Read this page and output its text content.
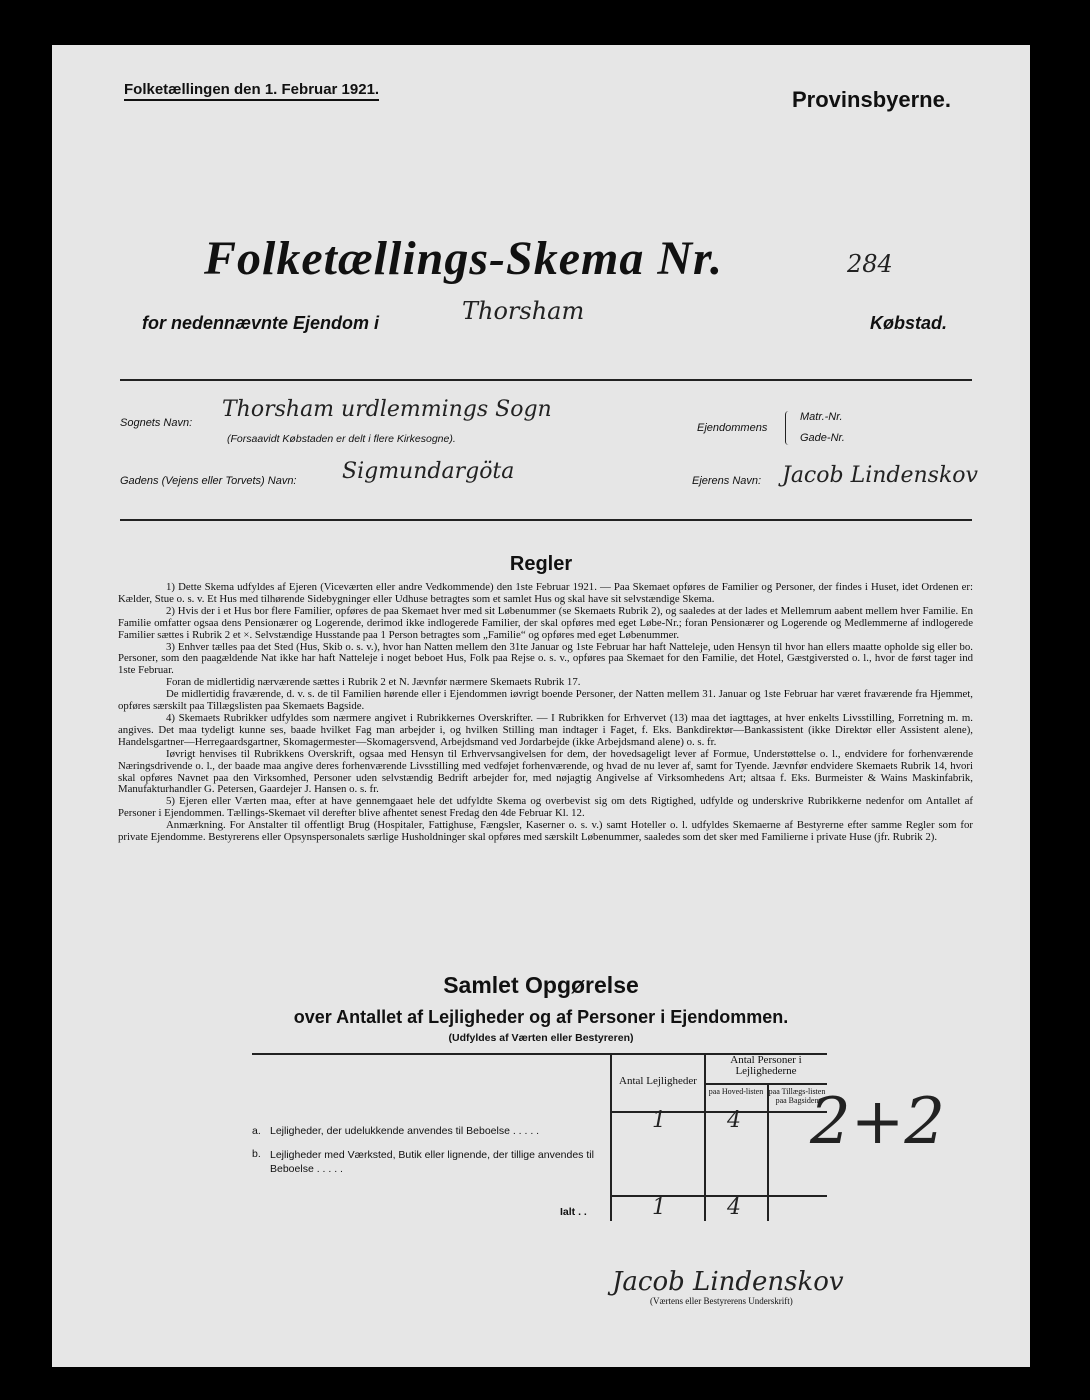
Folketællingen den 1. Februar 1921.	Provinsbyerne.
Folketællings-Skema Nr.	284
for nedennævnte Ejendom i	Thorsham	Købstad.
Sognets Navn:
Thorsham urdlemmings Sogn
(Forsaavidt Købstaden er delt i flere Kirkesogne).
Ejendommens
Matr.-Nr.
Gade-Nr.
Gadens (Vejens eller Torvets) Navn: Sigmundargöta	Ejerens Navn: Jacob Lindenskov
Regler

1) Dette Skema udfyldes af Ejeren (Viceværten eller andre Vedkommende) den 1ste Februar 1921. — Paa Skemaet opføres de Familier og Personer, der findes i Huset, idet Ordenen er: Kælder, Stue o. s. v. Et Hus med tilhørende Sidebygninger eller Udhuse betragtes som et samlet Hus og skal have sit selvstændige Skema.

2) Hvis der i et Hus bor flere Familier, opføres de paa Skemaet hver med sit Løbenummer (se Skemaets Rubrik 2), og saaledes at der lades et Mellemrum aabent mellem hver Familie. En Familie omfatter ogsaa dens Pensionærer og Logerende, derimod ikke indlogerede Familier, der skal opføres med eget Løbe-Nr.; foran Pensionærer og Logerende og Medlemmerne af indlogerede Familier sættes i Rubrik 2 et ×. Selvstændige Husstande paa 1 Person betragtes som „Familie“ og opføres med eget Løbenummer.

3) Enhver tælles paa det Sted (Hus, Skib o. s. v.), hvor han Natten mellem den 31te Januar og 1ste Februar har haft Natteleje, uden Hensyn til hvor han ellers maatte opholde sig eller bo. Personer, som den paagældende Nat ikke har haft Natteleje i noget beboet Hus, Folk paa Rejse o. s. v., opføres paa Skemaet for den Familie, det Hotel, Gæstgiversted o. l., hvor de først tager ind 1ste Februar.

Foran de midlertidig nærværende sættes i Rubrik 2 et N. Jævnfør nærmere Skemaets Rubrik 17.

De midlertidig fraværende, d. v. s. de til Familien hørende eller i Ejendommen iøvrigt boende Personer, der Natten mellem 31. Januar og 1ste Februar har været fraværende fra Hjemmet, opføres særskilt paa Tillægslisten paa Skemaets Bagside.

4) Skemaets Rubrikker udfyldes som nærmere angivet i Rubrikkernes Overskrifter. — I Rubrikken for Erhvervet (13) maa det iagttages, at hver enkelts Livsstilling, Forretning m. m. angives. Det maa tydeligt kunne ses, baade hvilket Fag man arbejder i, og hvilken Stilling man indtager i Faget, f. Eks. Bankdirektør—Bankassistent (ikke Direktør eller Assistent alene), Handelsgartner—Herregaardsgartner, Skomagermester—Skomagersvend, Arbejdsmand ved Jordarbejde (ikke Arbejdsmand alene) o. s. fr.

Iøvrigt henvises til Rubrikkens Overskrift, ogsaa med Hensyn til Erhvervsangivelsen for dem, der hovedsageligt lever af Formue, Understøttelse o. l., endvidere for forhenværende Næringsdrivende o. l., der baade maa angive deres forhenværende Livsstilling med vedføjet forhenværende, og hvad de nu lever af, samt for Tyende. Jævnfør endvidere Skemaets Rubrik 14, hvori skal opføres Navnet paa den Virksomhed, Personer uden selvstændig Bedrift arbejder for, med nøjagtig Angivelse af Virksomhedens Art; altsaa f. Eks. Burmeister & Wains Maskinfabrik, Manufakturhandler G. Petersen, Gaardejer J. Hansen o. s. fr.

5) Ejeren eller Værten maa, efter at have gennemgaaet hele det udfyldte Skema og overbevist sig om dets Rigtighed, udfylde og underskrive Rubrikkerne nedenfor om Antallet af Personer i Ejendommen. Tællings-Skemaet vil derefter blive afhentet senest Fredag den 4de Februar Kl. 12.

Anmærkning. For Anstalter til offentligt Brug (Hospitaler, Fattighuse, Fængsler, Kaserner o. s. v.) samt Hoteller o. l. udfyldes Skemaerne af Bestyrerne efter samme Regler som for private Ejendomme. Bestyrerens eller Opsynspersonalets særlige Husholdninger skal opføres med særskilt Løbenummer, saaledes som det sker med Familierne i private Huse (jfr. Rubrik 2).

Samlet Opgørelse
over Antallet af Lejligheder og af Personer i Ejendommen.
(Udfyldes af Værten eller Bestyreren)
Antal Lejligheder
Antal Personer i Lejlighederne
paa Hoved-listen paa Tillægs-listen paa Bagsiden
a. Lejligheder, der udelukkende anvendes til Beboelse . . . . .	1	4
b. Lejligheder med Værksted, Butik eller lignende, der tillige anvendes til Beboelse . . . . .
Ialt . .	1	4
2+2
Jacob Lindenskov
(Værtens eller Bestyrerens Underskrift)
